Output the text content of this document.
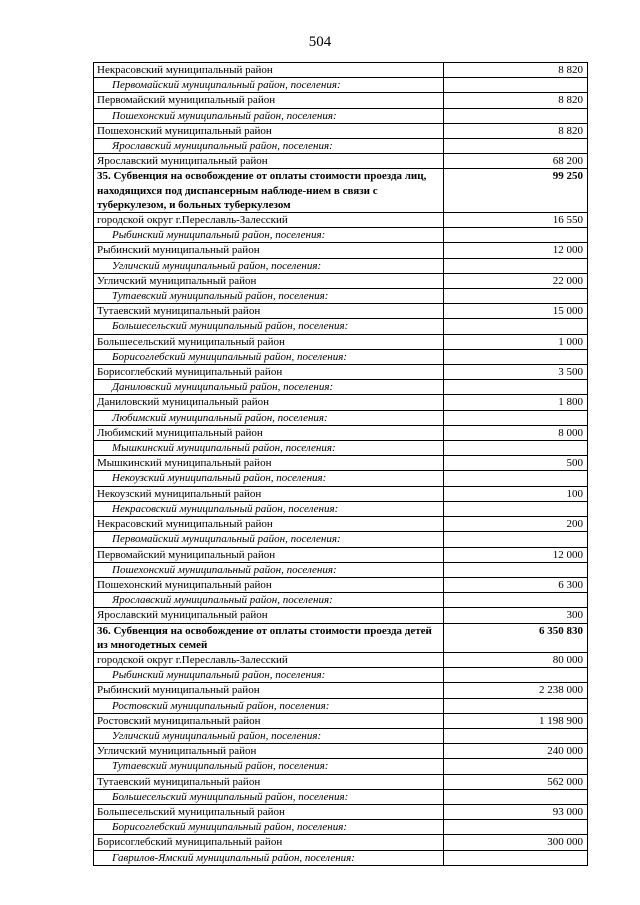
504
Некрасовский муниципальный район	8 820
Первомайский муниципальный район, поселения:	
Первомайский муниципальный район	8 820
Пошехонский муниципальный район, поселения:	
Пошехонский муниципальный район	8 820
Ярославский муниципальный район, поселения:	
Ярославский муниципальный район	68 200
35. Субвенция на освобождение от оплаты стоимости проезда лиц, находящихся под диспансерным наблюде-нием в связи с туберкулезом, и больных туберкулезом	99 250
городской округ г.Переславль-Залесский	16 550
Рыбинский муниципальный район, поселения:	
Рыбинский муниципальный район	12 000
Угличский муниципальный район, поселения:	
Угличский муниципальный район	22 000
Тутаевский муниципальный район, поселения:	
Тутаевский муниципальный район	15 000
Большесельский муниципальный район, поселения:	
Большесельский муниципальный район	1 000
Борисоглебский муниципальный район, поселения:	
Борисоглебский муниципальный район	3 500
Даниловский муниципальный район, поселения:	
Даниловский муниципальный район	1 800
Любимский муниципальный район, поселения:	
Любимский муниципальный район	8 000
Мышкинский муниципальный район, поселения:	
Мышкинский муниципальный район	500
Некоузский муниципальный район, поселения:	
Некоузский муниципальный район	100
Некрасовский муниципальный район, поселения:	
Некрасовский муниципальный район	200
Первомайский муниципальный район, поселения:	
Первомайский муниципальный район	12 000
Пошехонский муниципальный район, поселения:	
Пошехонский муниципальный район	6 300
Ярославский муниципальный район, поселения:	
Ярославский муниципальный район	300
36. Субвенция на освобождение от оплаты стоимости проезда детей из многодетных семей	6 350 830
городской округ г.Переславль-Залесский	80 000
Рыбинский муниципальный район, поселения:	
Рыбинский муниципальный район	2 238 000
Ростовский муниципальный район, поселения:	
Ростовский муниципальный район	1 198 900
Угличский муниципальный район, поселения:	
Угличский муниципальный район	240 000
Тутаевский муниципальный район, поселения:	
Тутаевский муниципальный район	562 000
Большесельский муниципальный район, поселения:	
Большесельский муниципальный район	93 000
Борисоглебский муниципальный район, поселения:	
Борисоглебский муниципальный район	300 000
Гаврилов-Ямский муниципальный район, поселения:	
